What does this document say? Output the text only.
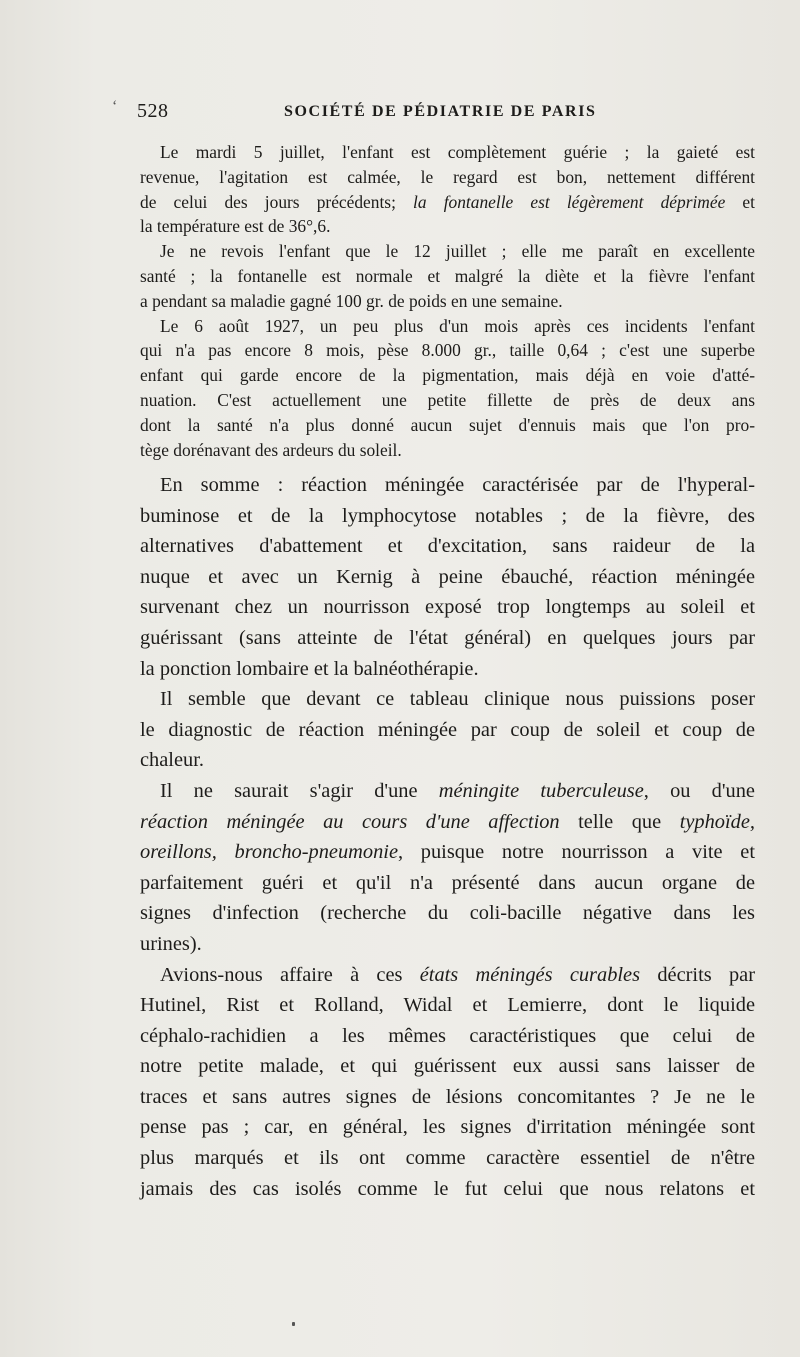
‘ 528	SOCIÉTÉ DE PÉDIATRIE DE PARIS
Le mardi 5 juillet, l'enfant est complètement guérie ; la gaieté est
revenue, l'agitation est calmée, le regard est bon, nettement différent
de celui des jours précédents; la fontanelle est légèrement déprimée et
la température est de 36°,6.
Je ne revois l'enfant que le 12 juillet ; elle me paraît en excellente
santé ; la fontanelle est normale et malgré la diète et la fièvre l'enfant
a pendant sa maladie gagné 100 gr. de poids en une semaine.
Le 6 août 1927, un peu plus d'un mois après ces incidents l'enfant
qui n'a pas encore 8 mois, pèse 8.000 gr., taille 0,64 ; c'est une superbe
enfant qui garde encore de la pigmentation, mais déjà en voie d'atté-
nuation. C'est actuellement une petite fillette de près de deux ans
dont la santé n'a plus donné aucun sujet d'ennuis mais que l'on pro-
tège dorénavant des ardeurs du soleil.
En somme : réaction méningée caractérisée par de l'hyperal-
buminose et de la lymphocytose notables ; de la fièvre, des
alternatives d'abattement et d'excitation, sans raideur de la
nuque et avec un Kernig à peine ébauché, réaction méningée
survenant chez un nourrisson exposé trop longtemps au soleil et
guérissant (sans atteinte de l'état général) en quelques jours par
la ponction lombaire et la balnéothérapie.
Il semble que devant ce tableau clinique nous puissions poser
le diagnostic de réaction méningée par coup de soleil et coup de
chaleur.
Il ne saurait s'agir d'une méningite tuberculeuse, ou d'une
réaction méningée au cours d'une affection telle que typhoïde,
oreillons, broncho-pneumonie, puisque notre nourrisson a vite et
parfaitement guéri et qu'il n'a présenté dans aucun organe de
signes d'infection (recherche du coli-bacille négative dans les
urines).
Avions-nous affaire à ces états méningés curables décrits par
Hutinel, Rist et Rolland, Widal et Lemierre, dont le liquide
céphalo-rachidien a les mêmes caractéristiques que celui de
notre petite malade, et qui guérissent eux aussi sans laisser de
traces et sans autres signes de lésions concomitantes ? Je ne le
pense pas ; car, en général, les signes d'irritation méningée sont
plus marqués et ils ont comme caractère essentiel de n'être
jamais des cas isolés comme le fut celui que nous relatons et
